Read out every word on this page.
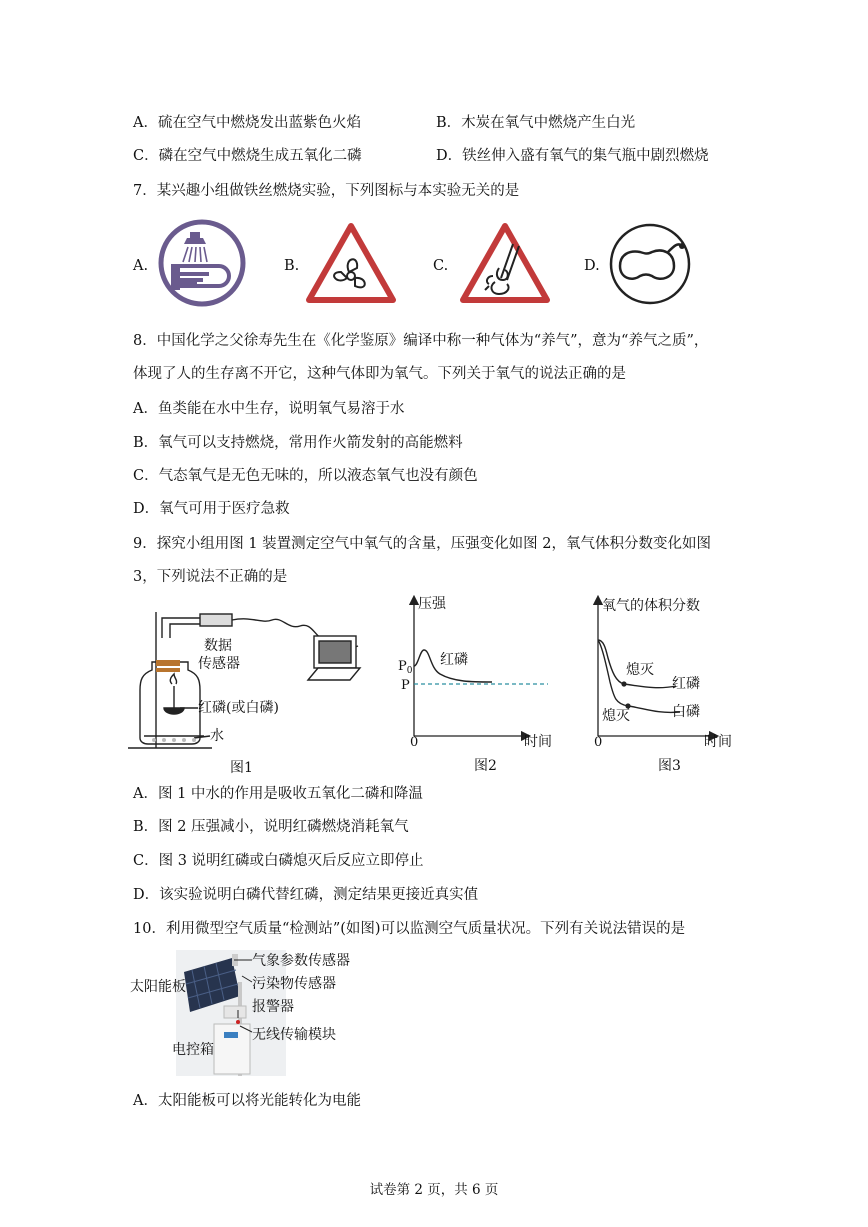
A．硫在空气中燃烧发出蓝紫色火焰	B．木炭在氧气中燃烧产生白光
C．磷在空气中燃烧生成五氧化二磷	D．铁丝伸入盛有氧气的集气瓶中剧烈燃烧
7．某兴趣小组做铁丝燃烧实验，下列图标与本实验无关的是
A.	B.	C.	D.
8．中国化学之父徐寿先生在《化学鉴原》编译中称一种气体为“养气”，意为“养气之质”，
体现了人的生存离不开它，这种气体即为氧气。下列关于氧气的说法正确的是
A．鱼类能在水中生存，说明氧气易溶于水
B．氧气可以支持燃烧，常用作火箭发射的高能燃料
C．气态氧气是无色无味的，所以液态氧气也没有颜色
D．氧气可用于医疗急救
9．探究小组用图 1 装置测定空气中氧气的含量，压强变化如图 2，氧气体积分数变化如图
3，下列说法不正确的是
数据
传感器
红磷(或白磷)
水
图1
压强
$P_0$
P
红磷
0	时间
图2
氧气的体积分数
熄灭
红磷
熄灭	白磷
0	时间
图3
A．图 1 中水的作用是吸收五氧化二磷和降温
B．图 2 压强减小，说明红磷燃烧消耗氧气
C．图 3 说明红磷或白磷熄灭后反应立即停止
D．该实验说明白磷代替红磷，测定结果更接近真实值
10．利用微型空气质量“检测站”(如图)可以监测空气质量状况。下列有关说法错误的是
太阳能板
气象参数传感器
污染物传感器
报警器
无线传输模块
电控箱
A．太阳能板可以将光能转化为电能
试卷第 2 页，共 6 页
